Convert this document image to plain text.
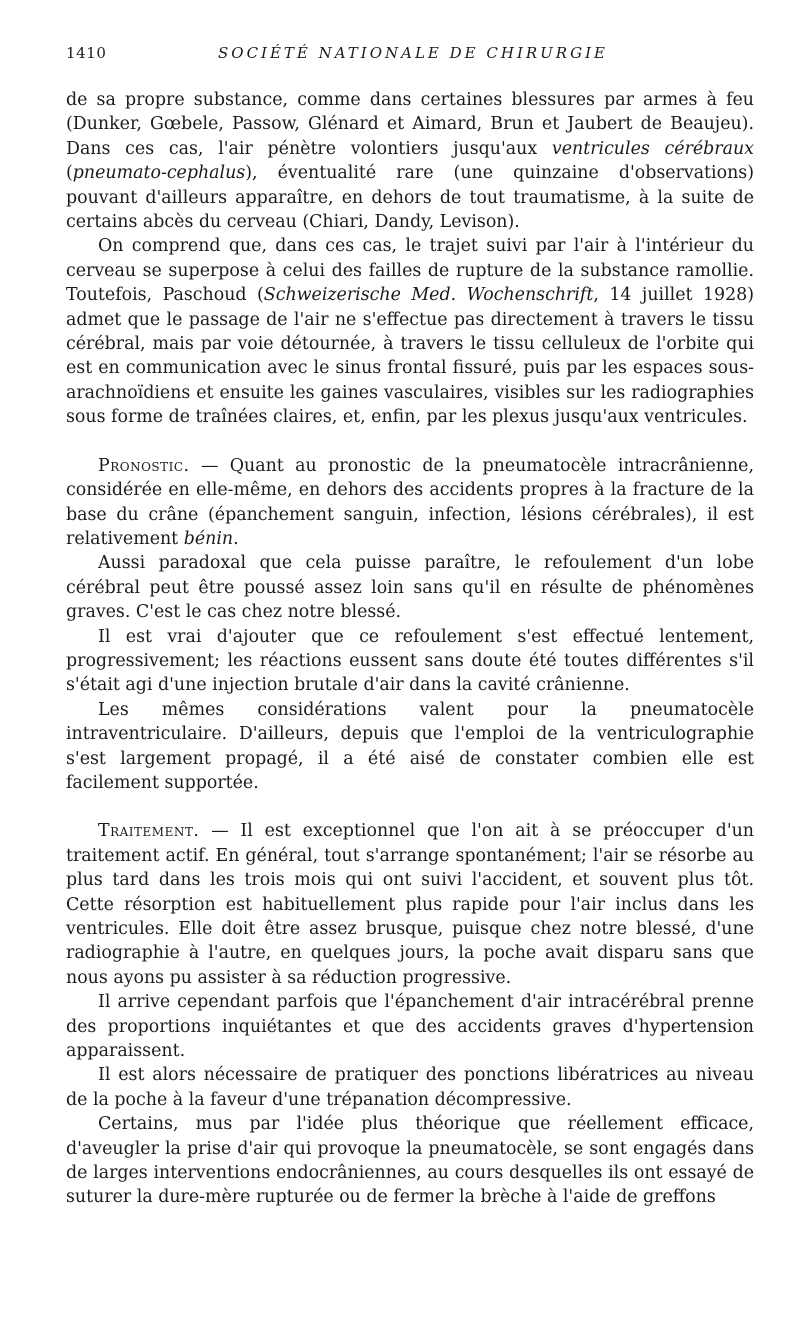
1410	SOCIÉTÉ NATIONALE DE CHIRURGIE

de sa propre substance, comme dans certaines blessures par armes à feu (Dunker, Gœbele, Passow, Glénard et Aimard, Brun et Jaubert de Beaujeu). Dans ces cas, l'air pénètre volontiers jusqu'aux ventricules cérébraux (pneumato-cephalus), éventualité rare (une quinzaine d'observations) pouvant d'ailleurs apparaître, en dehors de tout traumatisme, à la suite de certains abcès du cerveau (Chiari, Dandy, Levison).

On comprend que, dans ces cas, le trajet suivi par l'air à l'intérieur du cerveau se superpose à celui des failles de rupture de la substance ramollie. Toutefois, Paschoud (Schweizerische Med. Wochenschrift, 14 juillet 1928) admet que le passage de l'air ne s'effectue pas directement à travers le tissu cérébral, mais par voie détournée, à travers le tissu celluleux de l'orbite qui est en communication avec le sinus frontal fissuré, puis par les espaces sous-arachnoïdiens et ensuite les gaines vasculaires, visibles sur les radiographies sous forme de traînées claires, et, enfin, par les plexus jusqu'aux ventricules.

Pronostic. — Quant au pronostic de la pneumatocèle intracrânienne, considérée en elle-même, en dehors des accidents propres à la fracture de la base du crâne (épanchement sanguin, infection, lésions cérébrales), il est relativement bénin.

Aussi paradoxal que cela puisse paraître, le refoulement d'un lobe cérébral peut être poussé assez loin sans qu'il en résulte de phénomènes graves. C'est le cas chez notre blessé.

Il est vrai d'ajouter que ce refoulement s'est effectué lentement, progressivement; les réactions eussent sans doute été toutes différentes s'il s'était agi d'une injection brutale d'air dans la cavité crânienne.

Les mêmes considérations valent pour la pneumatocèle intraventriculaire. D'ailleurs, depuis que l'emploi de la ventriculographie s'est largement propagé, il a été aisé de constater combien elle est facilement supportée.

Traitement. — Il est exceptionnel que l'on ait à se préoccuper d'un traitement actif. En général, tout s'arrange spontanément; l'air se résorbe au plus tard dans les trois mois qui ont suivi l'accident, et souvent plus tôt. Cette résorption est habituellement plus rapide pour l'air inclus dans les ventricules. Elle doit être assez brusque, puisque chez notre blessé, d'une radiographie à l'autre, en quelques jours, la poche avait disparu sans que nous ayons pu assister à sa réduction progressive.

Il arrive cependant parfois que l'épanchement d'air intracérébral prenne des proportions inquiétantes et que des accidents graves d'hypertension apparaissent.

Il est alors nécessaire de pratiquer des ponctions libératrices au niveau de la poche à la faveur d'une trépanation décompressive.

Certains, mus par l'idée plus théorique que réellement efficace, d'aveugler la prise d'air qui provoque la pneumatocèle, se sont engagés dans de larges interventions endocrâniennes, au cours desquelles ils ont essayé de suturer la dure-mère rupturée ou de fermer la brèche à l'aide de greffons
